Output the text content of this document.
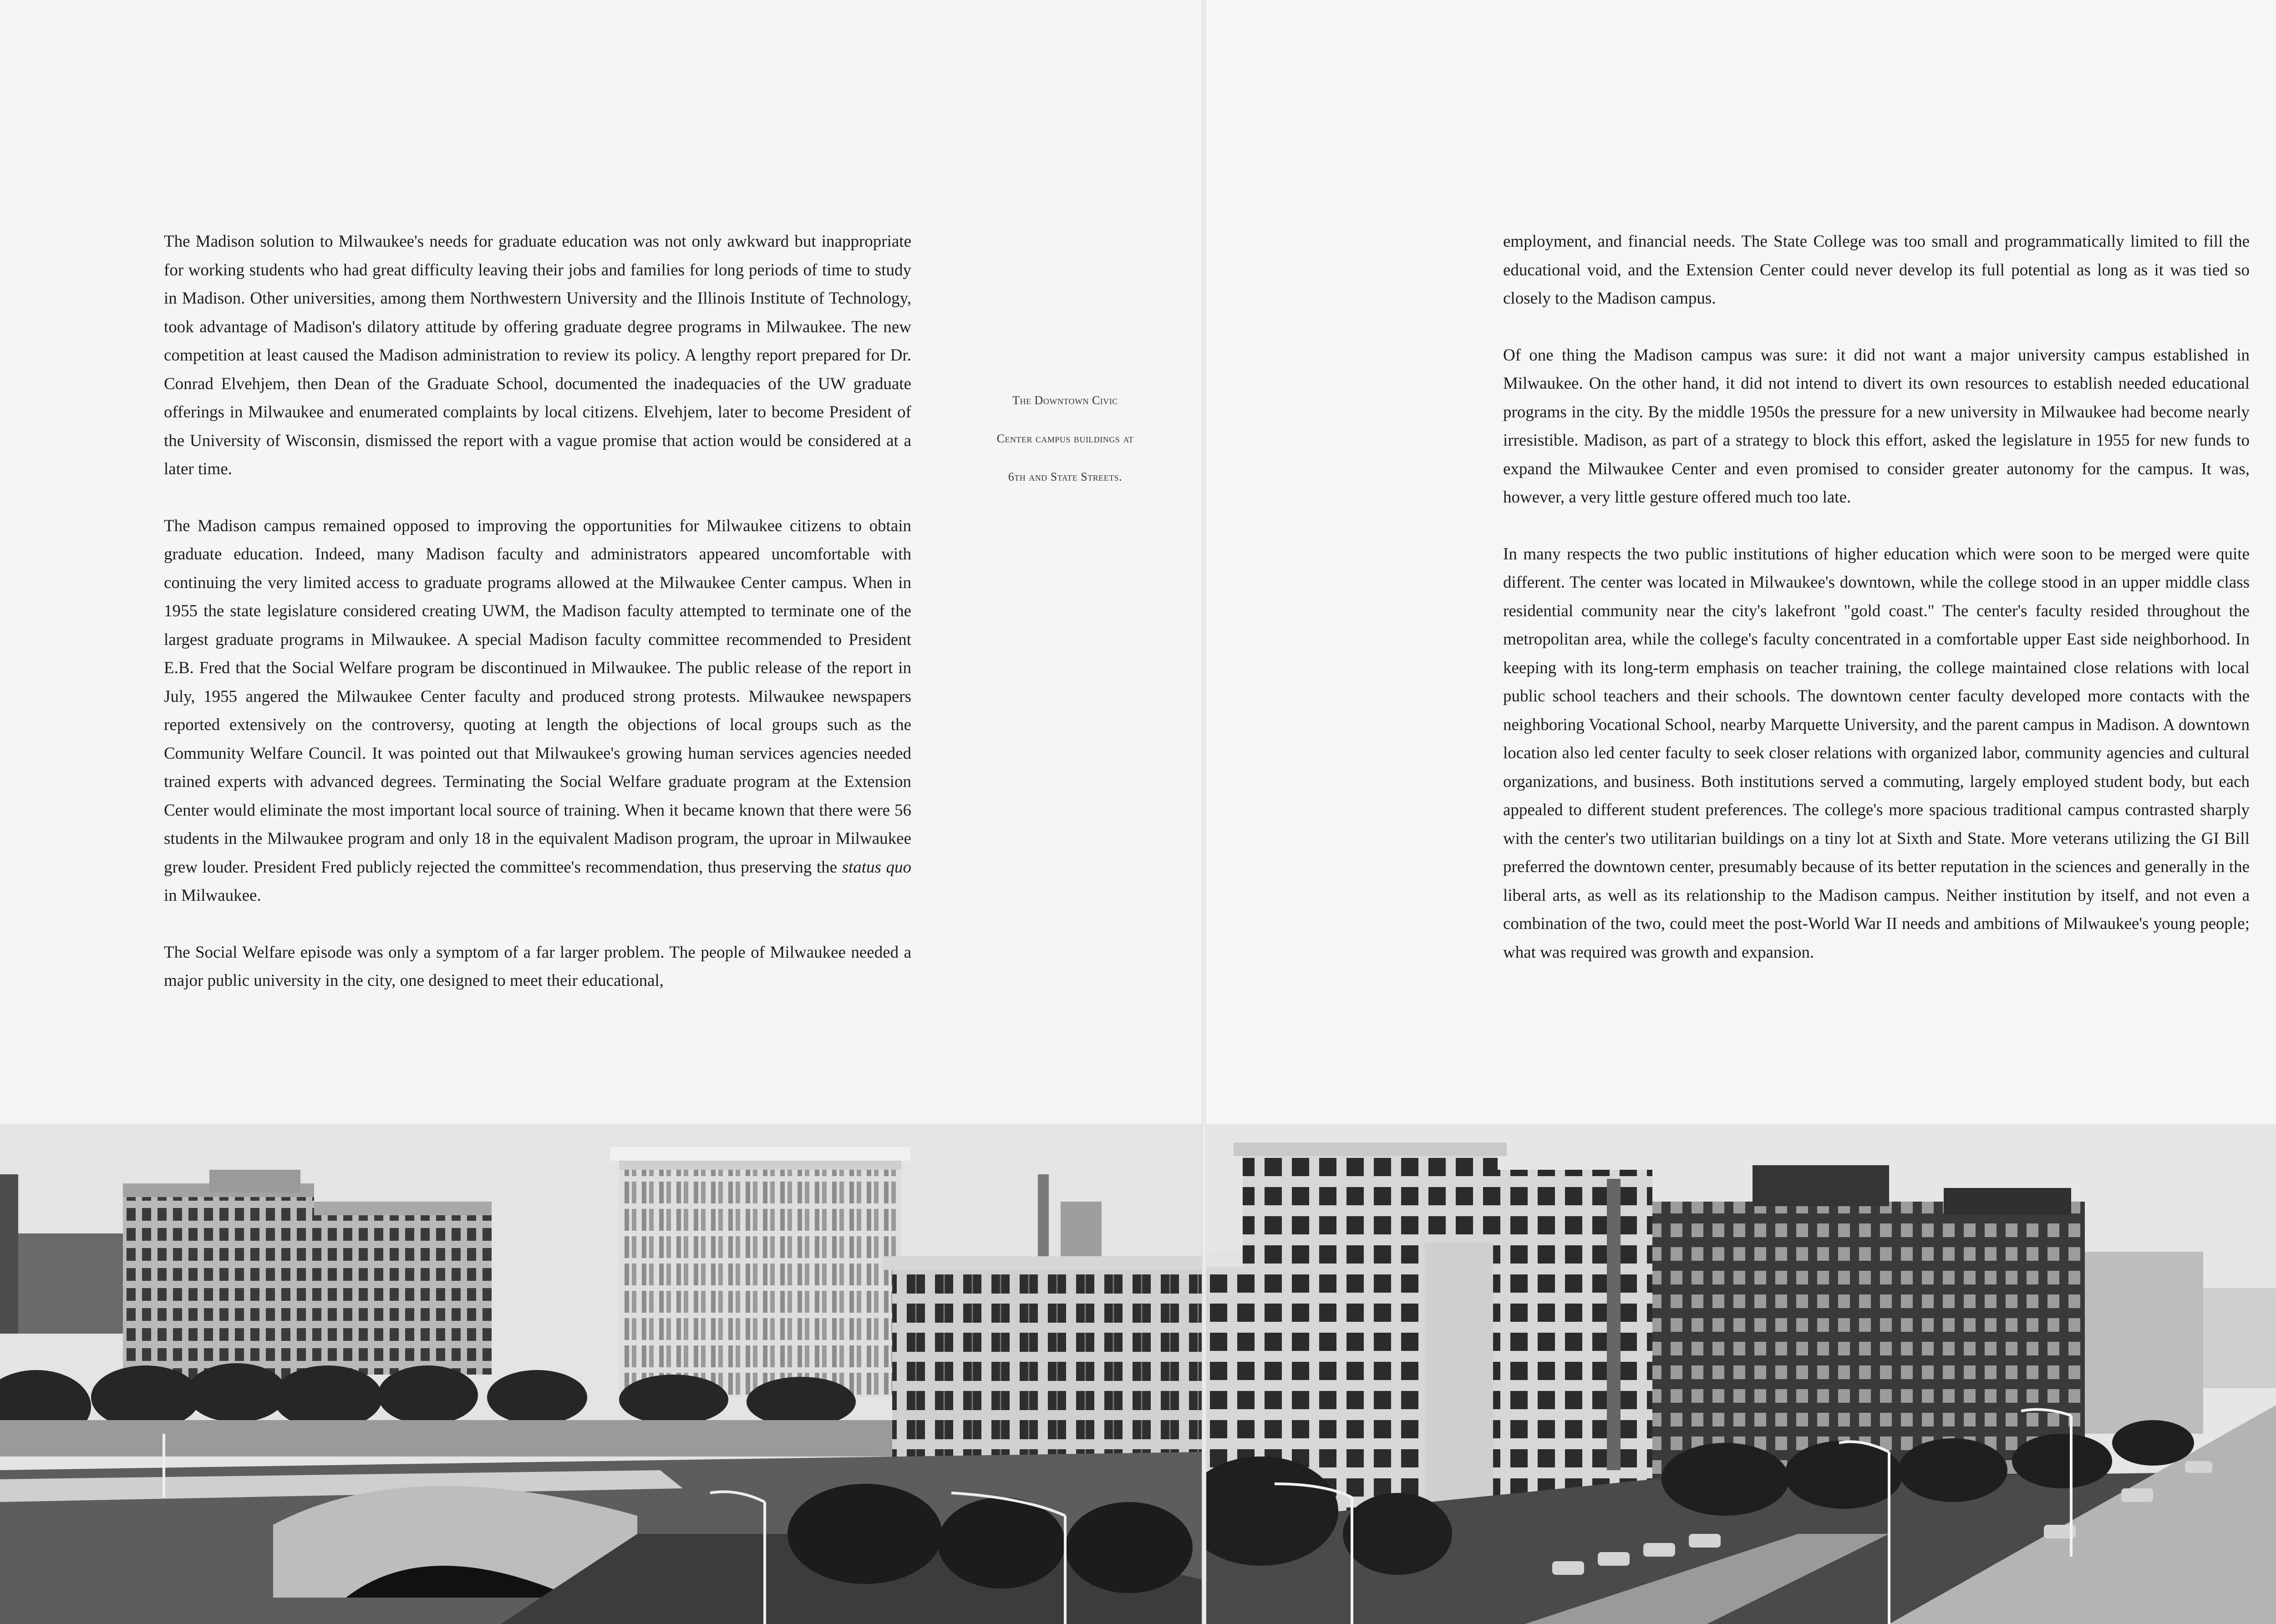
The Madison solution to Milwaukee's needs for graduate education was not only awkward but inappropriate for working students who had great difficulty leaving their jobs and families for long periods of time to study in Madison. Other universities, among them Northwestern University and the Illinois Institute of Technology, took advantage of Madison's dilatory attitude by offering graduate degree programs in Milwaukee. The new competition at least caused the Madison administration to review its policy. A lengthy report prepared for Dr. Conrad Elvehjem, then Dean of the Graduate School, documented the inadequacies of the UW graduate offerings in Milwaukee and enumerated complaints by local citizens. Elvehjem, later to become President of the University of Wisconsin, dismissed the report with a vague promise that action would be considered at a later time.

The Madison campus remained opposed to improving the opportunities for Milwaukee citizens to obtain graduate education. Indeed, many Madison faculty and administrators appeared uncomfortable with continuing the very limited access to graduate programs allowed at the Milwaukee Center campus. When in 1955 the state legislature considered creating UWM, the Madison faculty attempted to terminate one of the largest graduate programs in Milwaukee. A special Madison faculty committee recommended to President E.B. Fred that the Social Welfare program be discontinued in Milwaukee. The public release of the report in July, 1955 angered the Milwaukee Center faculty and produced strong protests. Milwaukee newspapers reported extensively on the controversy, quoting at length the objections of local groups such as the Community Welfare Council. It was pointed out that Milwaukee's growing human services agencies needed trained experts with advanced degrees. Terminating the Social Welfare graduate program at the Extension Center would eliminate the most important local source of training. When it became known that there were 56 students in the Milwaukee program and only 18 in the equivalent Madison program, the uproar in Milwaukee grew louder. President Fred publicly rejected the committee's recommendation, thus preserving the status quo in Milwaukee.

The Social Welfare episode was only a symptom of a far larger problem. The people of Milwaukee needed a major public university in the city, one designed to meet their educational,

The Downtown Civic
Center campus buildings at
6th and State Streets.

employment, and financial needs. The State College was too small and programmatically limited to fill the educational void, and the Extension Center could never develop its full potential as long as it was tied so closely to the Madison campus.

Of one thing the Madison campus was sure: it did not want a major university campus established in Milwaukee. On the other hand, it did not intend to divert its own resources to establish needed educational programs in the city. By the middle 1950s the pressure for a new university in Milwaukee had become nearly irresistible. Madison, as part of a strategy to block this effort, asked the legislature in 1955 for new funds to expand the Milwaukee Center and even promised to consider greater autonomy for the campus. It was, however, a very little gesture offered much too late.

In many respects the two public institutions of higher education which were soon to be merged were quite different. The center was located in Milwaukee's downtown, while the college stood in an upper middle class residential community near the city's lakefront "gold coast." The center's faculty resided throughout the metropolitan area, while the college's faculty concentrated in a comfortable upper East side neighborhood. In keeping with its long-term emphasis on teacher training, the college maintained close relations with local public school teachers and their schools. The downtown center faculty developed more contacts with the neighboring Vocational School, nearby Marquette University, and the parent campus in Madison. A downtown location also led center faculty to seek closer relations with organized labor, community agencies and cultural organizations, and business. Both institutions served a commuting, largely employed student body, but each appealed to different student preferences. The college's more spacious traditional campus contrasted sharply with the center's two utilitarian buildings on a tiny lot at Sixth and State. More veterans utilizing the GI Bill preferred the downtown center, presumably because of its better reputation in the sciences and generally in the liberal arts, as well as its relationship to the Madison campus. Neither institution by itself, and not even a combination of the two, could meet the post-World War II needs and ambitions of Milwaukee's young people; what was required was growth and expansion.
